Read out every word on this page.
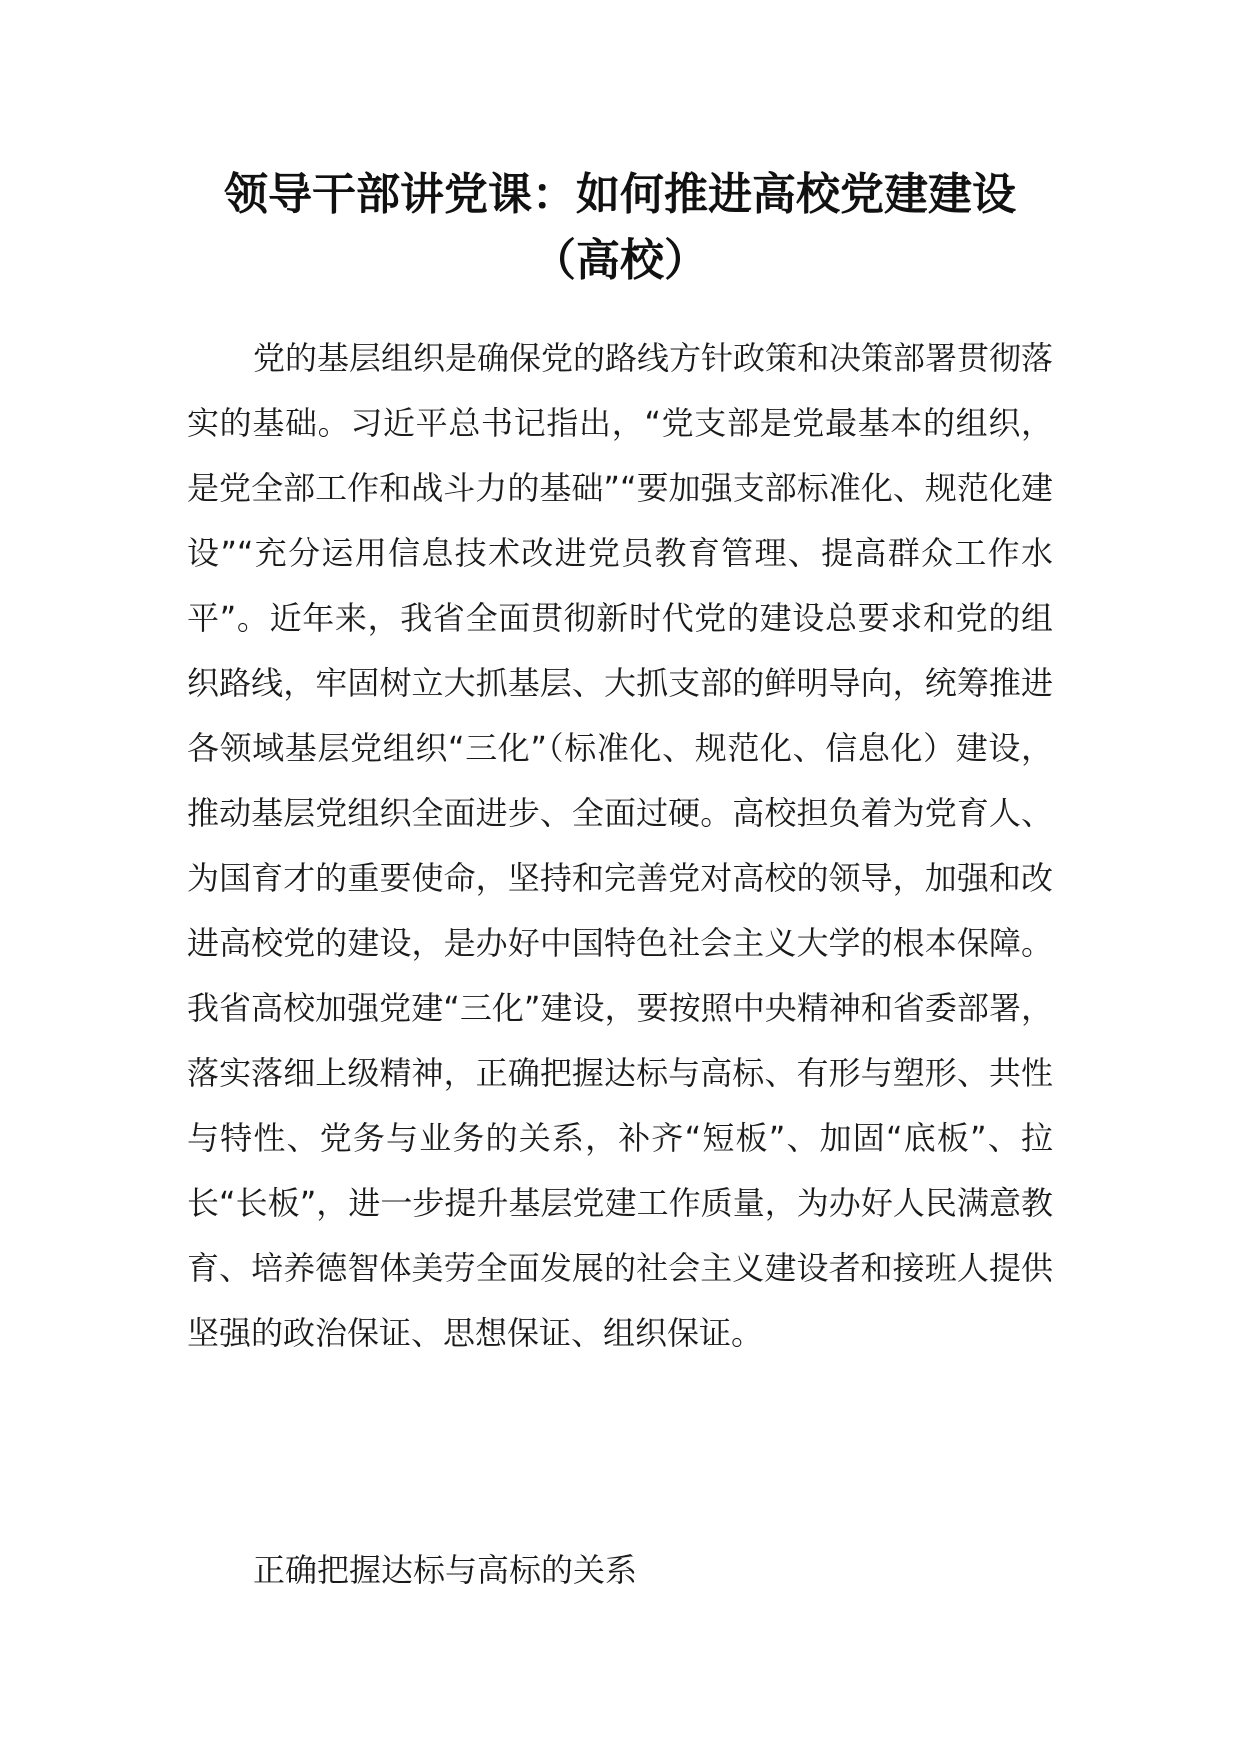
领导干部讲党课：如何推进高校党建建设
（高校）

党的基层组织是确保党的路线方针政策和决策部署贯彻落实的基础。习近平总书记指出，“党支部是党最基本的组织，是党全部工作和战斗力的基础”“要加强支部标准化、规范化建设”“充分运用信息技术改进党员教育管理、提高群众工作水平”。近年来，我省全面贯彻新时代党的建设总要求和党的组织路线，牢固树立大抓基层、大抓支部的鲜明导向，统筹推进各领域基层党组织“三化”（标准化、规范化、信息化）建设，推动基层党组织全面进步、全面过硬。高校担负着为党育人、为国育才的重要使命，坚持和完善党对高校的领导，加强和改进高校党的建设，是办好中国特色社会主义大学的根本保障。我省高校加强党建“三化”建设，要按照中央精神和省委部署，落实落细上级精神，正确把握达标与高标、有形与塑形、共性与特性、党务与业务的关系，补齐“短板”、加固“底板”、拉长“长板”，进一步提升基层党建工作质量，为办好人民满意教育、培养德智体美劳全面发展的社会主义建设者和接班人提供坚强的政治保证、思想保证、组织保证。

正确把握达标与高标的关系
